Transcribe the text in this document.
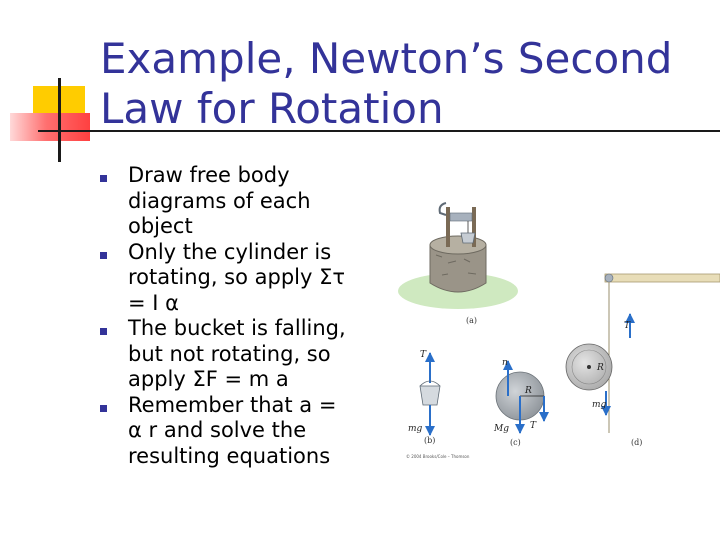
Example, Newton’s Second
Law for Rotation
Draw free body
diagrams of each
object
Only the cylinder is
rotating, so apply Στ
= I α
The bucket is falling,
but not rotating, so
apply ΣF = m a
Remember that a =
α r and solve the
resulting equations
(a)
T
mg
(b)
R
n
Mg T
(c)
T
R
mg
(d)
© 2004 Brooks/Cole – Thomson
